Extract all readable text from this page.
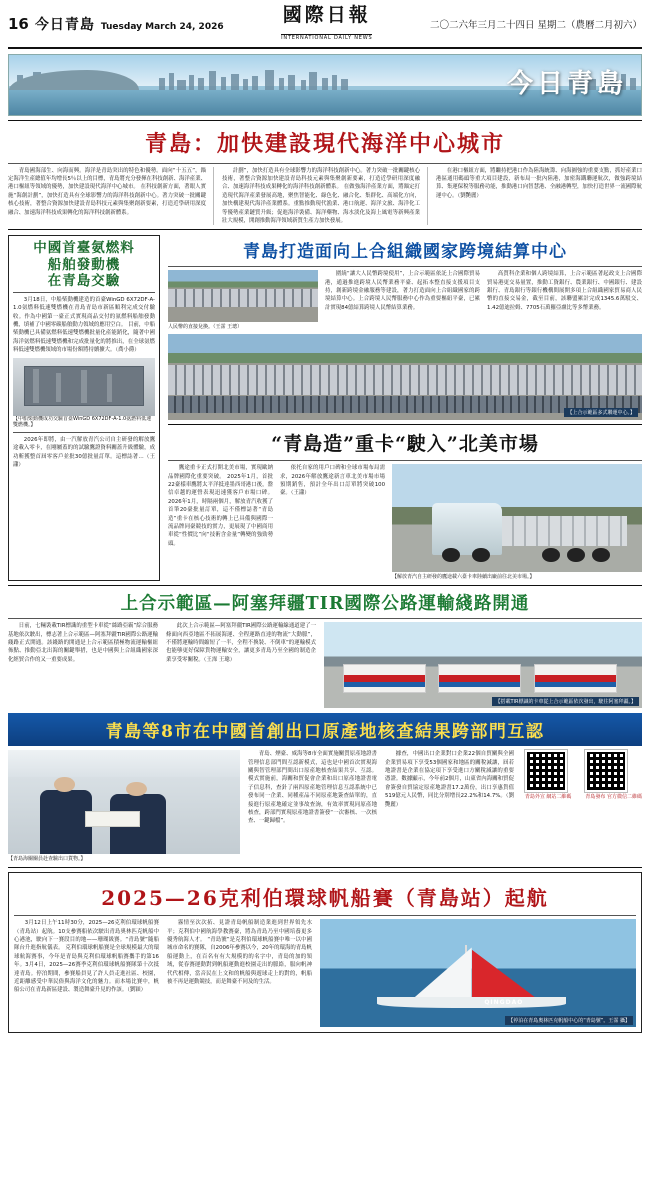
16 今日青島 Tuesday March 24, 2026
國際日報
INTERNATIONAL DAILY NEWS
二〇二六年三月二十四日 星期二（農曆二月初六）
今日青島
青島：加快建設現代海洋中心城市
青島國海部生、向海而興。海洋是青島突出的特色和優勢。面向“十五五”，錨定海洋生產總值年均增長5％以上的目標，青島將充分發揮在科技創新、海洋產業、港口樞紐等領域的優勢，加快建設現代海洋中心城市。 在科技創新方面，著眼人實施“海創計劃”，加快打造具有全球影響力的海洋科技創新中心。著力突破一批關鍵核心技術，著整合資源加快建設青島科技元素與集聚創新要素，打造近學研用深度融合、加速海洋科技成果轉化的海洋科技創新體系。
計劃”，加快打造具有全球影響力的海洋科技創新中心。著力突破一批關鍵核心技術，著整合資源加快建設青島科技元素與集聚創新要素，打造近學研用深度融合、加速海洋科技成果轉化的海洋科技創新體系。 在做強海洋產業方面，將錨定打造現代海洋產業發展高地，聚焦智能化、綠色化、融合化、集群化、高端化方向，加快構建現代海洋產業體系。重點推動現代漁業、港口航運、海洋文旅、海洋化工等優勢產業鏈質升級；促進海洋裝備、海洋藥物、海水淡化及海上風電等新興產業壯大規模，開創推動海洋領域新質生產力加快發展。
在港口樞紐方面，將繼持把港口作為陸海統籌、向海圖強的重要支點，抓好產業口港區通用碼頭等重大項目建設，新布局一批內陸港，加密海鐵聯運航次，做強跨境結算、集運保稅等服務功能，推動港口向智慧港、全融港轉型，加快打造世界一流國際航運中心。（劉艷麗）
中國首臺氨燃料
船舶發動機
在青島交驗
3月18日，中船柴動機建造的首臺WinGD 6X72DF-A-1.0氨燃料低速雙燃機在青島青島市新區順利完成交付驗收。作為中國第一臺正式實現商品交付的氨燃料船舶發動機，填補了中國零碳船舶動力領域的應用空白。 目前，中船柴動機已具備氨燃料低速雙燃機批量化產能銷化，隨著中國海洋氨燃料低速雙燃機和完成批量化的將推出，在全球氨燃料低速雙燃機領域的市場份額將持續擴大。（喬小爵）
【中船柴動機成功交驗首臺WinGD 6X72DF-A-1.0氨燃料低速雙燃機。】
2026年即將，由一汽解放青汽公司自主研發的解放鷹途載入零卡，在剛屬蓋的的試驗鷹證資料關蓋升級體驗，成功斬獲整首屆零客戶並批30億批量訂單。這標誌著…（王瀟）
青島打造面向上合組織國家跨境結算中心
人民幣的直接兌換。（王霈 王璁）
圍繞“讓大人民幣跨境使用”，上合示範區依託上合國際貿易港，通過推進跨境人民幣業務平臺、起拓本整直接支援項目支持，創新跨境金融服務等建設，著力打造面向上合組織國家的跨境結算中心。上合跨境人民幣服務中心作為重要樞紐平臺，已累計實現84億結算跨境人民幣結算業務。
高質科企業和個人跨境結算，上合示範區著起政支上合國際貿易港更交易量置，推動工資銀行、農業銀行、中國銀行、建設銀行、青島銀行等銀行機構間展開多項上合組織國家貿易商人民幣的直接交易金，截至目前，該聯盟累計完成1345.6萬駁交、1.42億迪拉姆、7705石萬羅亞盧比等多幣業務。
【上合示範區多式聯運中心。】
“青島造”重卡“駛入”北美市場
鷹途重卡正式打開北美市場，實現歐納品牌國際化重要突破。 2025年1月，首批22臺樣車鷹將太平洋抵達墨西哥港口後，盤信卓越的運營表現迅速獲客戶市場口碑。2026年1月，時隔兩個月，解放青汽收獲了首筆20臺批量訂單，這不僅標誌著“青島造”重卡在核心技術的轉上已具備與國際一流品牌同臺競技的實力，更展現了中國商用車從“性價比”向“技術含金量”轉變的強勁勢頭。
依托自家的用戶口碑和全球市場布局需求，2026年解放鷹途新言車北美市場市場預期銷售，預計全年出口訂單將突破100臺。（王瀟）
【解放青汽自主研發的鷹途載六臺卡車陸續出廠前往北美市場。】
上合示範區—阿塞拜疆TIR國際公路運輸綫路開通
日前，七輛裝載TIR標識的重型卡車從“絲路亞霸”綜合服務基地依次駛出，標志著上合示範區—阿塞拜疆TIR國際公路運輸綫路正式開通。該綫路的開通是上合示範區積極物流運輸樞紐佈點、推動亞北出海的關鍵舉措，也是中國與上合組織國家深化經貿合作的又一重要成果。
此次上合示範區—阿塞拜疆TIR國際公路運輸線通道建了一條面向西亞地區不拓展海運、全程運路直達的物流“大動脈”，不僅將運輸時間縮短了一半，全程不換裝、不倒車”的運輸模式也能够更好保障貨物運輸安全，讓更多青島乃至全國的制造企業享受零關稅。（王霈 王璁）
【搭載TIR標識的卡車從上合示範區依次發出，駛往阿塞拜疆。】
青島等8市在中國首創出口原產地核查結果跨部門互認
【青島海關關員赴查驗出口貨物。】
青島、煙臺、威海等8市全面實施關質原產地證書管理信息部門間互認新模式，這也是中國首次實現海關與智管理部門間出口原產地核查結果共享、互認。 模式實施前，海關和貿促會企業和出口原產地證書電子信息科，查針了兩四原產地管理信息互認系統中已發布同一企業、同種產品不同原產地簽查結單的，直接進行原產地確定並事故查詢，有效率實現同原產地核查，跨部門實現原產地證書簽發“一次審核、一次核查、一鍵歸檔”。
據查，中國出口企業對口企業22個自貿關與全國企業貿易項下享受53個國家和地區的關稅減讓，屆若地證書是企業在協定項下享受進口方關稅減讓的重要憑證。數據顯示，今年前2個月，山東省內海關和貿促會簽發自貿協定原產地證書17.2萬份，出口享惠貨值519億元人民幣，同比分別增長22.2%和14.7%。（劉艷麗）
青島外宣 網站二維碼	青島發布 官方微信二維碼
2025—26克利伯環球帆船賽（青島站）起航
3月12日上午11時30分，2025—26克利伯環球帆船賽（青島站）起航。10支參賽船依次駛出青島奧林匹克帆船中心港池，駛向下一賽段目的地——珊瑚級賽。“青島號”隨船隊台升進指航儀表。 克利伯環球帆船賽是全球規模最大的環球航海賽事，今年是青島與克利伯環球帆船賽攜手的第16年。3月4日，2025—26賽季克利伯環球帆船賽隊第十次抵達青島。停泊期間，參賽船員見了許人員走進社區、校園，近距離感受中華民俗與海洋文化的魅力。而本場比賽中，帆船公司在青島新區建設、製造舞臺升見的作該。（劉穎）
霧情至次次拓、見證青島帆船制造業進到世界領先水平；克利伯中國航海學教賽臺，將為青島乃至中國培養更多優秀航海人才。 “青島號”是克利伯環球帆船賽中唯一以中國城市命名的賽隊，自2006年參賽以今，20年的環海的青島帆船運動上，在百名有有大規模的的名字中，青島的加的領域，從春賽運動對到帆船運動進校園走出的脈絡，服向帆神代代相傳，當音民在上文和的帆船與遊球走上的對的，帆船被不再是運動競技，而是舞臺不同及的生活。
QINGDAO
【停泊在青島奧林匹克帆船中心的“青島號”。王霈 攝】
